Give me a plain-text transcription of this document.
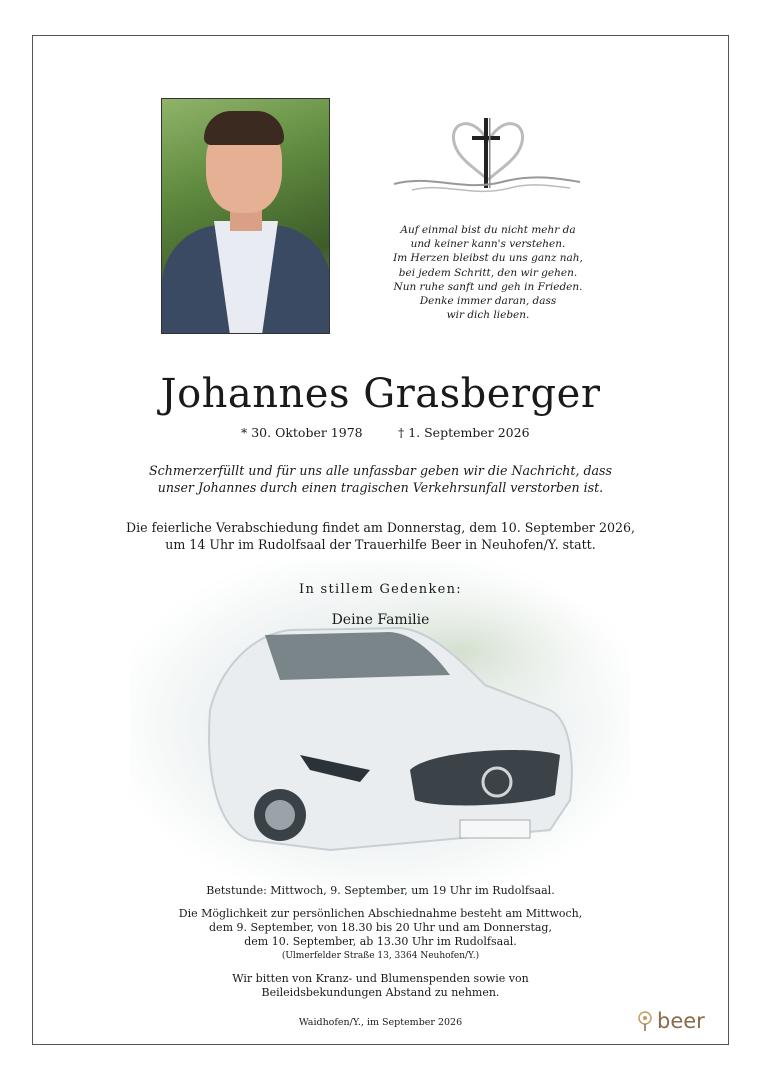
Auf einmal bist du nicht mehr da
und keiner kann's verstehen.
Im Herzen bleibst du uns ganz nah,
bei jedem Schritt, den wir gehen.
Nun ruhe sanft und geh in Frieden.
Denke immer daran, dass
wir dich lieben.
Johannes Grasberger
* 30. Oktober 1978	† 1. September 2026
Schmerzerfüllt und für uns alle unfassbar geben wir die Nachricht, dass
unser Johannes durch einen tragischen Verkehrsunfall verstorben ist.
Die feierliche Verabschiedung findet am Donnerstag, dem 10. September 2026,
um 14 Uhr im Rudolfsaal der Trauerhilfe Beer in Neuhofen/Y. statt.
In stillem Gedenken:
Deine Familie
Betstunde: Mittwoch, 9. September, um 19 Uhr im Rudolfsaal.
Die Möglichkeit zur persönlichen Abschiednahme besteht am Mittwoch,
dem 9. September, von 18.30 bis 20 Uhr und am Donnerstag,
dem 10. September, ab 13.30 Uhr im Rudolfsaal.
(Ulmerfelder Straße 13, 3364 Neuhofen/Y.)
Wir bitten von Kranz- und Blumenspenden sowie von
Beileidsbekundungen Abstand zu nehmen.
Waidhofen/Y., im September 2026	beer
